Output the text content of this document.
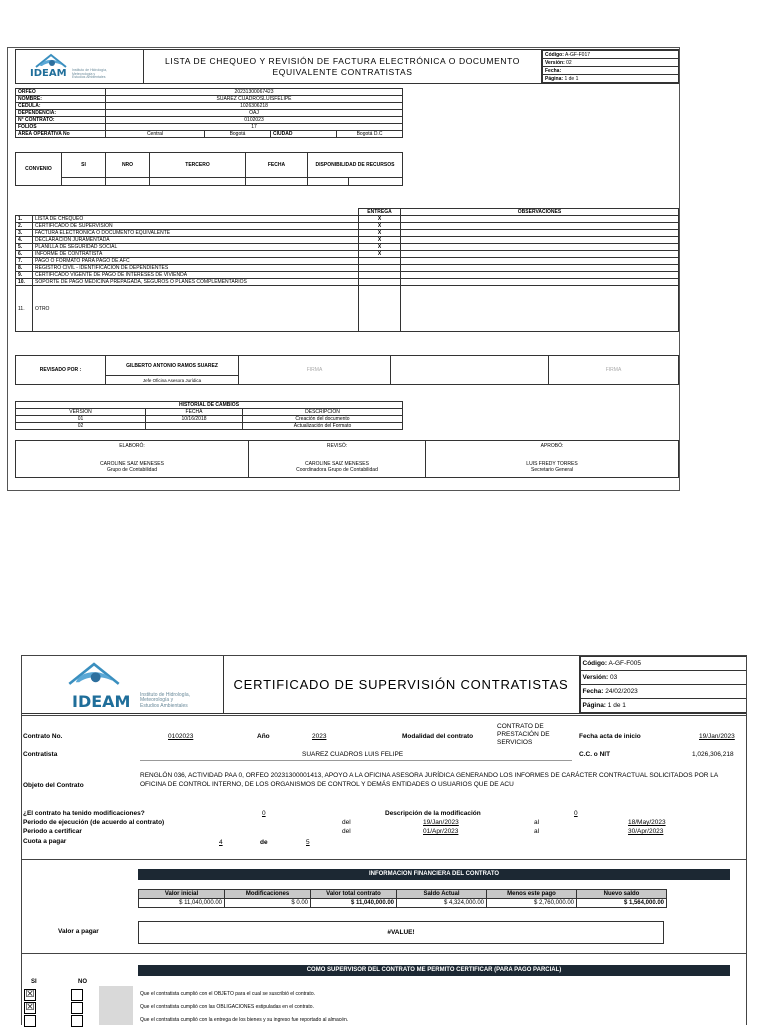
IDEAM Instituto de Hidrología,
Meteorología y
Estudios Ambientales
	LISTA DE CHEQUEO Y REVISIÓN DE FACTURA ELECTRÓNICA O DOCUMENTO EQUIVALENTE CONTRATISTAS	
Código: A-GF-F017
Versión: 02
Fecha:
Página: 1 de 1
ORFEO	20231300067423			
NOMBRE:	SUAREZ CUADROSLUISFELIPE			
CEDULA:	1026306218			
DEPENDENCIA:	OAJ			
N° CONTRATO:	0102023			
FOLIOS	17			
AREA OPERATIVA No	Central	Bogotá	CIUDAD	Bogotá D.C
CONVENIO	SI	NRO	TERCERO	FECHA	DISPONIBILIDAD DE RECURSOS	

		ENTREGA	OBSERVACIONES
1.	LISTA DE CHEQUEO	X	
2.	CERTIFICADO DE SUPERVISIÓN	X	
3.	FACTURA ELECTRÓNICA O DOCUMENTO EQUIVALENTE	X	
4.	DECLARACION JURAMENTADA	X	
5.	PLANILLA DE SEGURIDAD SOCIAL	X	
6.	INFORME DE CONTRATISTA	X	
7.	PAGO O FORMATO PARA PAGO DE AFC		
8.	REGISTRO CIVIL - IDENTIFICACION DE DEPENDIENTES		
9.	CERTIFICADO VIGENTE DE PAGO DE INTERESES DE VIVIENDA		
10.	SOPORTE DE PAGO MEDICINA PREPAGADA, SEGUROS O PLANES COMPLEMENTARIOS		
11.	OTRO		
REVISADO POR :	GILBERTO ANTONIO RAMOS SUAREZ	FIRMA		FIRMA
Jefe Oficina Asesora Jurídica
HISTORIAL DE CAMBIOS		
VERSION	FECHA	DESCRIPCION
01	10/16/2018	Creación del documento
02		Actualización del Formato
ELABORÓ:
CAROLINE SAIZ MENESES
Grupo de Contabilidad

REVISÓ:
CAROLINE SAIZ MENESES
Coordinadora Grupo de Contabilidad

APROBÓ:
LUIS FREDY TORRES
Secretario General
IDEAM Instituto de Hidrología,
Meteorología y
Estudios Ambientales
	CERTIFICADO DE SUPERVISIÓN CONTRATISTAS	
Código: A-GF-F005
Versión: 03
Fecha: 24/02/2023
Página: 1 de 1
Contrato No.	0102023	Año	2023	Modalidad del contrato
CONTRATO DE PRESTACIÓN DE SERVICIOS
Fecha acta de inicio	19/Jan/2023
Contratista	SUAREZ CUADROS LUIS FELIPE	C.C. o NIT	1,026,306,218
Objeto del Contrato
RENGLÓN 036, ACTIVIDAD PAA 0, ORFEO 20231300001413, APOYO A LA OFICINA ASESORA JURÍDICA GENERANDO LOS INFORMES DE CARÁCTER CONTRACTUAL SOLICITADOS POR LA OFICINA DE CONTROL INTERNO, DE LOS ORGANISMOS DE CONTROL Y DEMÁS ENTIDADES O USUARIOS QUE DE ACU
¿El contrato ha tenido modificaciones?	0	Descripción de la modificación	0
Periodo de ejecución (de acuerdo al contrato)	del	19/Jan/2023	al	18/May/2023
Periodo a certificar	del	01/Apr/2023	al	30/Apr/2023
Cuota a pagar	4	de	5
INFORMACION FINANCIERA DEL CONTRATO
Valor inicial	Modificaciones	Valor total contrato	Saldo Actual	Menos este pago	Nuevo saldo
$ 11,040,000.00	$ 0.00	$ 11,040,000.00	$ 4,324,000.00	$ 2,760,000.00	$ 1,564,000.00
Valor a pagar	#VALUE!
COMO SUPERVISOR DEL CONTRATO ME PERMITO CERTIFICAR (PARA PAGO PARCIAL)
SI	NO
☒	Que el contratista cumplió con el OBJETO para el cual se suscribió el contrato.
☒	Que el contratista cumplió con las OBLIGACIONES estipuladas en el contrato.
Que el contratista cumplió con la entrega de los bienes y su ingreso fue reportado al almacén.
